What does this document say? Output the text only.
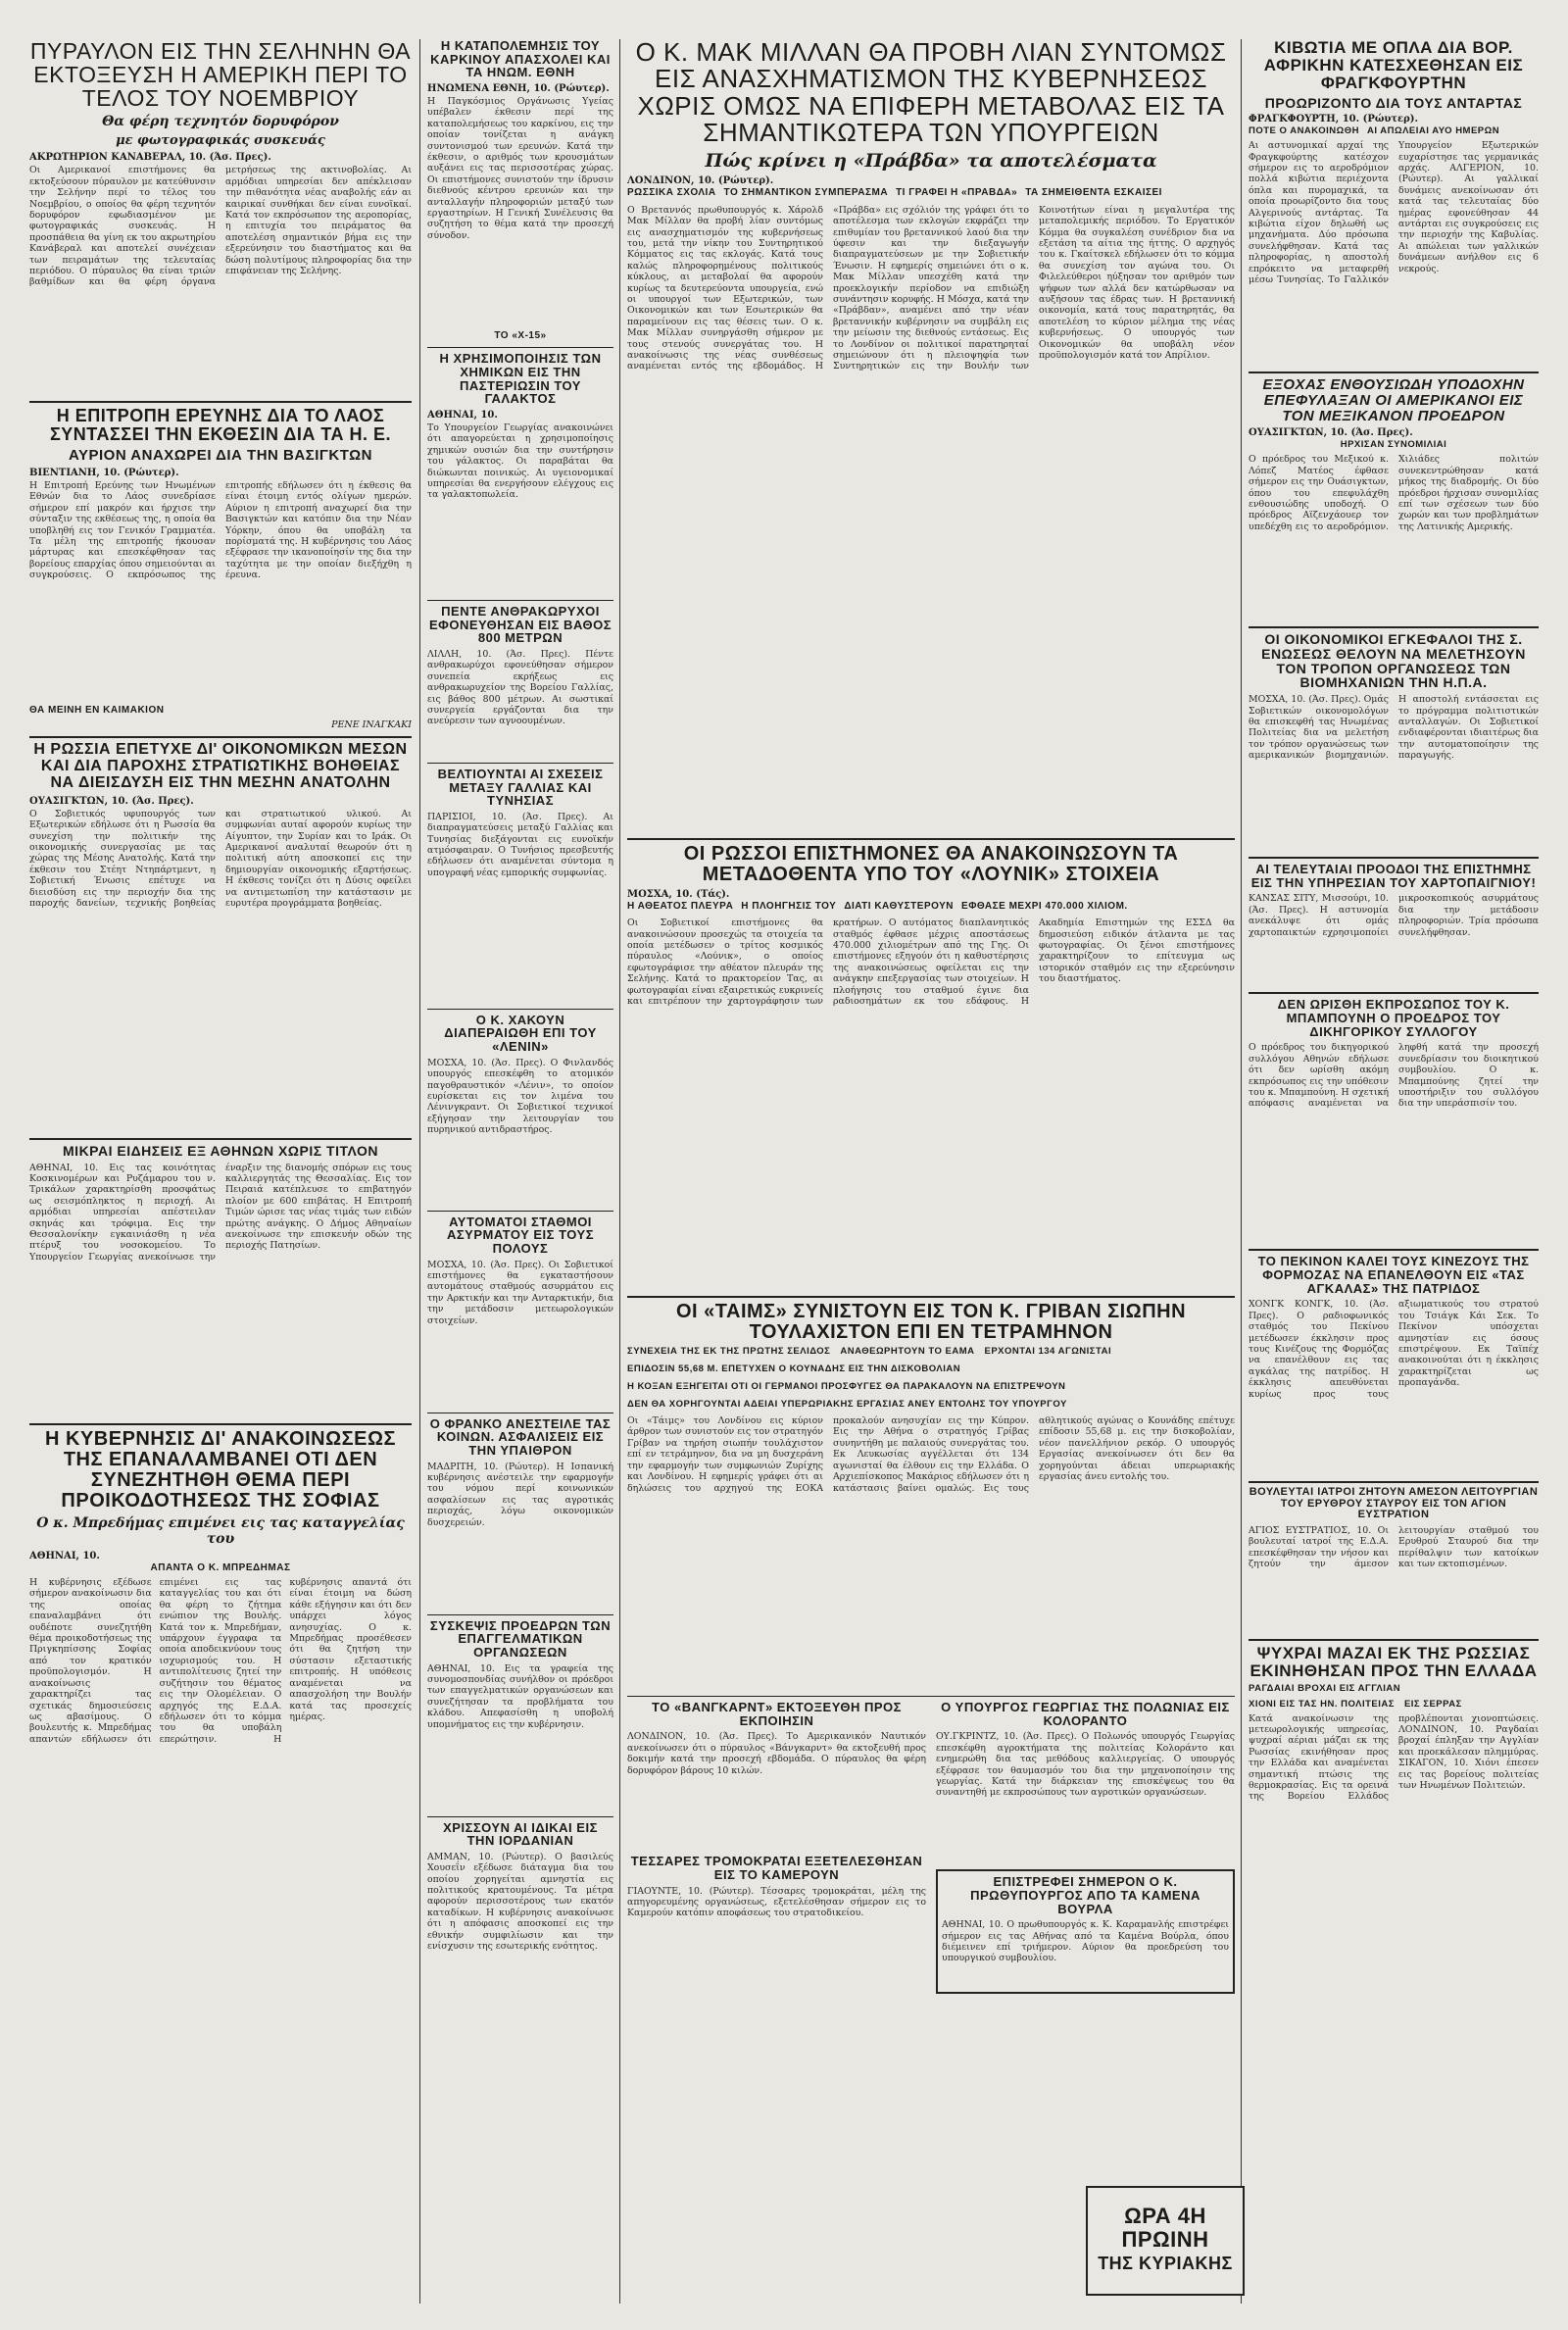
ΠΥΡΑΥΛΟΝ ΕΙΣ ΤΗΝ ΣΕΛΗΝΗΝ ΘΑ ΕΚΤΟΞΕΥΣΗ Η ΑΜΕΡΙΚΗ ΠΕΡΙ ΤΟ ΤΕΛΟΣ ΤΟΥ ΝΟΕΜΒΡΙΟΥ
Θα φέρη τεχνητόν δορυφόρον
με φωτογραφικάς συσκευάς
ΑΚΡΩΤΗΡΙΟΝ ΚΑΝΑΒΕΡΑΛ, 10. (Άσ. Πρες).
Οι Αμερικανοί επιστήμονες θα εκτοξεύσουν πύραυλον με κατεύθυνσιν την Σελήνην περί το τέλος του Νοεμβρίου, ο οποίος θα φέρη τεχνητόν δορυφόρον εφωδιασμένον με φωτογραφικάς συσκευάς. Η προσπάθεια θα γίνη εκ του ακρωτηρίου Κανάβεραλ και αποτελεί συνέχειαν των πειραμάτων της τελευταίας περιόδου. Ο πύραυλος θα είναι τριών βαθμίδων και θα φέρη όργανα μετρήσεως της ακτινοβολίας. Αι αρμόδιαι υπηρεσίαι δεν απέκλεισαν την πιθανότητα νέας αναβολής εάν αι καιρικαί συνθήκαι δεν είναι ευνοϊκαί. Κατά τον εκπρόσωπον της αεροπορίας, η επιτυχία του πειράματος θα αποτελέση σημαντικόν βήμα εις την εξερεύνησιν του διαστήματος και θα δώση πολυτίμους πληροφορίας δια την επιφάνειαν της Σελήνης.
Η ΕΠΙΤΡΟΠΗ ΕΡΕΥΝΗΣ ΔΙΑ ΤΟ ΛΑΟΣ ΣΥΝΤΑΣΣΕΙ ΤΗΝ ΕΚΘΕΣΙΝ ΔΙΑ ΤΑ Η. Ε.
ΑΥΡΙΟΝ ΑΝΑΧΩΡΕΙ ΔΙΑ ΤΗΝ ΒΑΣΙΓΚΤΩΝ
ΒΙΕΝΤΙΑΝΗ, 10. (Ρώυτερ).
Η Επιτροπή Ερεύνης των Ηνωμένων Εθνών δια το Λάος συνεδρίασε σήμερον επί μακρόν και ήρχισε την σύνταξιν της εκθέσεως της, η οποία θα υποβληθή εις τον Γενικόν Γραμματέα. Τα μέλη της επιτροπής ήκουσαν μάρτυρας και επεσκέφθησαν τας βορείους επαρχίας όπου σημειούνται αι συγκρούσεις. Ο εκπρόσωπος της επιτροπής εδήλωσεν ότι η έκθεσις θα είναι έτοιμη εντός ολίγων ημερών. Αύριον η επιτροπή αναχωρεί δια την Βασιγκτών και κατόπιν δια την Νέαν Υόρκην, όπου θα υποβάλη τα πορίσματά της. Η κυβέρνησις του Λάος εξέφρασε την ικανοποίησίν της δια την ταχύτητα με την οποίαν διεξήχθη η έρευνα.
ΘΑ ΜΕΙΝΗ ΕΝ ΚΑΙΜΑΚΙΟΝ
ΡΕΝΕ ΙΝΑΓΚΑΚΙ
Η ΡΩΣΣΙΑ ΕΠΕΤΥΧΕ ΔΙ' ΟΙΚΟΝΟΜΙΚΩΝ ΜΕΣΩΝ ΚΑΙ ΔΙΑ ΠΑΡΟΧΗΣ ΣΤΡΑΤΙΩΤΙΚΗΣ ΒΟΗΘΕΙΑΣ ΝΑ ΔΙΕΙΣΔΥΣΗ ΕΙΣ ΤΗΝ ΜΕΣΗΝ ΑΝΑΤΟΛΗΝ
ΟΥΑΣΙΓΚΤΩΝ, 10. (Άσ. Πρες).
Ο Σοβιετικός υφυπουργός των Εξωτερικών εδήλωσε ότι η Ρωσσία θα συνεχίση την πολιτικήν της οικονομικής συνεργασίας με τας χώρας της Μέσης Ανατολής. Κατά την έκθεσιν του Στέητ Ντηπάρτμεντ, η Σοβιετική Ένωσις επέτυχε να διεισδύση εις την περιοχήν δια της παροχής δανείων, τεχνικής βοηθείας και στρατιωτικού υλικού. Αι συμφωνίαι αυταί αφορούν κυρίως την Αίγυπτον, την Συρίαν και το Ιράκ. Οι Αμερικανοί αναλυταί θεωρούν ότι η πολιτική αύτη αποσκοπεί εις την δημιουργίαν οικονομικής εξαρτήσεως. Η έκθεσις τονίζει ότι η Δύσις οφείλει να αντιμετωπίση την κατάστασιν με ευρυτέρα προγράμματα βοηθείας.
ΜΙΚΡΑΙ ΕΙΔΗΣΕΙΣ ΕΞ ΑΘΗΝΩΝ ΧΩΡΙΣ ΤΙΤΛΟΝ
ΑΘΗΝΑΙ, 10. Εις τας κοινότητας Κοσκινομέρων και Ρυζάμαρου του ν. Τρικάλων χαρακτηρίσθη προσφάτως ως σεισμόπληκτος η περιοχή. Αι αρμόδιαι υπηρεσίαι απέστειλαν σκηνάς και τρόφιμα. Εις την Θεσσαλονίκην εγκαινιάσθη η νέα πτέρυξ του νοσοκομείου. Το Υπουργείον Γεωργίας ανεκοίνωσε την έναρξιν της διανομής σπόρων εις τους καλλιεργητάς της Θεσσαλίας. Εις τον Πειραιά κατέπλευσε το επιβατηγόν πλοίον με 600 επιβάτας. Η Επιτροπή Τιμών ώρισε τας νέας τιμάς των ειδών πρώτης ανάγκης. Ο Δήμος Αθηναίων ανεκοίνωσε την επισκευήν οδών της περιοχής Πατησίων.
Η ΚΥΒΕΡΝΗΣΙΣ ΔΙ' ΑΝΑΚΟΙΝΩΣΕΩΣ ΤΗΣ ΕΠΑΝΑΛΑΜΒΑΝΕΙ ΟΤΙ ΔΕΝ ΣΥΝΕΖΗΤΗΘΗ ΘΕΜΑ ΠΕΡΙ ΠΡΟΙΚΟΔΟΤΗΣΕΩΣ ΤΗΣ ΣΟΦΙΑΣ
Ο κ. Μπρεδήμας επιμένει εις τας καταγγελίας του
ΑΘΗΝΑΙ, 10.
ΑΠΑΝΤΑ Ο Κ. ΜΠΡΕΔΗΜΑΣ
Η κυβέρνησις εξέδωσε σήμερον ανακοίνωσιν δια της οποίας επαναλαμβάνει ότι ουδέποτε συνεζητήθη θέμα προικοδοτήσεως της Πριγκηπίσσης Σοφίας από τον κρατικόν προϋπολογισμόν. Η ανακοίνωσις χαρακτηρίζει τας σχετικάς δημοσιεύσεις ως αβασίμους. Ο βουλευτής κ. Μπρεδήμας απαντών εδήλωσεν ότι επιμένει εις τας καταγγελίας του και ότι θα φέρη το ζήτημα ενώπιον της Βουλής. Κατά τον κ. Μπρεδήμαν, υπάρχουν έγγραφα τα οποία αποδεικνύουν τους ισχυρισμούς του. Η αντιπολίτευσις ζητεί την συζήτησιν του θέματος εις την Ολομέλειαν. Ο αρχηγός της Ε.Δ.Α. εδήλωσεν ότι το κόμμα του θα υποβάλη επερώτησιν. Η κυβέρνησις απαντά ότι είναι έτοιμη να δώση κάθε εξήγησιν και ότι δεν υπάρχει λόγος ανησυχίας. Ο κ. Μπρεδήμας προσέθεσεν ότι θα ζητήση την σύστασιν εξεταστικής επιτροπής. Η υπόθεσις αναμένεται να απασχολήση την Βουλήν κατά τας προσεχείς ημέρας.
Η ΚΑΤΑΠΟΛΕΜΗΣΙΣ ΤΟΥ ΚΑΡΚΙΝΟΥ ΑΠΑΣΧΟΛΕΙ ΚΑΙ ΤΑ ΗΝΩΜ. ΕΘΝΗ
ΗΝΩΜΕΝΑ ΕΘΝΗ, 10. (Ρώυτερ).
Η Παγκόσμιος Οργάνωσις Υγείας υπέβαλεν έκθεσιν περί της καταπολεμήσεως του καρκίνου, εις την οποίαν τονίζεται η ανάγκη συντονισμού των ερευνών. Κατά την έκθεσιν, ο αριθμός των κρουσμάτων αυξάνει εις τας περισσοτέρας χώρας. Οι επιστήμονες συνιστούν την ίδρυσιν διεθνούς κέντρου ερευνών και την ανταλλαγήν πληροφοριών μεταξύ των εργαστηρίων. Η Γενική Συνέλευσις θα συζητήση το θέμα κατά την προσεχή σύνοδον.
ΤΟ «Χ-15»
Η ΧΡΗΣΙΜΟΠΟΙΗΣΙΣ ΤΩΝ ΧΗΜΙΚΩΝ ΕΙΣ ΤΗΝ ΠΑΣΤΕΡΙΩΣΙΝ ΤΟΥ ΓΑΛΑΚΤΟΣ
ΑΘΗΝΑΙ, 10.
Το Υπουργείον Γεωργίας ανακοινώνει ότι απαγορεύεται η χρησιμοποίησις χημικών ουσιών δια την συντήρησιν του γάλακτος. Οι παραβάται θα διώκωνται ποινικώς. Αι υγειονομικαί υπηρεσίαι θα ενεργήσουν ελέγχους εις τα γαλακτοπωλεία.
ΠΕΝΤΕ ΑΝΘΡΑΚΩΡΥΧΟΙ ΕΦΟΝΕΥΘΗΣΑΝ ΕΙΣ ΒΑΘΟΣ 800 ΜΕΤΡΩΝ
ΛΙΛΛΗ, 10. (Άσ. Πρες). Πέντε ανθρακωρύχοι εφονεύθησαν σήμερον συνεπεία εκρήξεως εις ανθρακωρυχείον της Βορείου Γαλλίας, εις βάθος 800 μέτρων. Αι σωστικαί συνεργεία εργάζονται δια την ανεύρεσιν των αγνοουμένων.
ΒΕΛΤΙΟΥΝΤΑΙ ΑΙ ΣΧΕΣΕΙΣ ΜΕΤΑΞΥ ΓΑΛΛΙΑΣ ΚΑΙ ΤΥΝΗΣΙΑΣ
ΠΑΡΙΣΙΟΙ, 10. (Άσ. Πρες). Αι διαπραγματεύσεις μεταξύ Γαλλίας και Τυνησίας διεξάγονται εις ευνοϊκήν ατμόσφαιραν. Ο Τυνήσιος πρεσβευτής εδήλωσεν ότι αναμένεται σύντομα η υπογραφή νέας εμπορικής συμφωνίας.
Ο Κ. ΧΑΚΟΥΝ ΔΙΑΠΕΡΑΙΩΘΗ ΕΠΙ ΤΟΥ «ΛΕΝΙΝ»
ΜΟΣΧΑ, 10. (Άσ. Πρες). Ο Φινλανδός υπουργός επεσκέφθη το ατομικόν παγοθραυστικόν «Λένιν», το οποίον ευρίσκεται εις τον λιμένα του Λένινγκραντ. Οι Σοβιετικοί τεχνικοί εξήγησαν την λειτουργίαν του πυρηνικού αντιδραστήρος.
ΑΥΤΟΜΑΤΟΙ ΣΤΑΘΜΟΙ ΑΣΥΡΜΑΤΟΥ ΕΙΣ ΤΟΥΣ ΠΟΛΟΥΣ
ΜΟΣΧΑ, 10. (Άσ. Πρες). Οι Σοβιετικοί επιστήμονες θα εγκαταστήσουν αυτομάτους σταθμούς ασυρμάτου εις την Αρκτικήν και την Ανταρκτικήν, δια την μετάδοσιν μετεωρολογικών στοιχείων.
Ο ΦΡΑΝΚΟ ΑΝΕΣΤΕΙΛΕ ΤΑΣ ΚΟΙΝΩΝ. ΑΣΦΑΛΙΣΕΙΣ ΕΙΣ ΤΗΝ ΥΠΑΙΘΡΟΝ
ΜΑΔΡΙΤΗ, 10. (Ρώυτερ). Η Ισπανική κυβέρνησις ανέστειλε την εφαρμογήν του νόμου περί κοινωνικών ασφαλίσεων εις τας αγροτικάς περιοχάς, λόγω οικονομικών δυσχερειών.
ΣΥΣΚΕΨΙΣ ΠΡΟΕΔΡΩΝ ΤΩΝ ΕΠΑΓΓΕΛΜΑΤΙΚΩΝ ΟΡΓΑΝΩΣΕΩΝ
ΑΘΗΝΑΙ, 10. Εις τα γραφεία της συνομοσπονδίας συνήλθον οι πρόεδροι των επαγγελματικών οργανώσεων και συνεζήτησαν τα προβλήματα του κλάδου. Απεφασίσθη η υποβολή υπομνήματος εις την κυβέρνησιν.
ΧΡΙΣΣΟΥΝ ΑΙ ΙΔΙΚΑΙ ΕΙΣ ΤΗΝ ΙΟΡΔΑΝΙΑΝ
ΑΜΜΑΝ, 10. (Ρώυτερ). Ο βασιλεύς Χουσεΐν εξέδωσε διάταγμα δια του οποίου χορηγείται αμνηστία εις πολιτικούς κρατουμένους. Τα μέτρα αφορούν περισσοτέρους των εκατόν καταδίκων. Η κυβέρνησις ανακοίνωσε ότι η απόφασις αποσκοπεί εις την εθνικήν συμφιλίωσιν και την ενίσχυσιν της εσωτερικής ενότητος.
Ο Κ. ΜΑΚ ΜΙΛΛΑΝ ΘΑ ΠΡΟΒΗ ΛΙΑΝ ΣΥΝΤΟΜΩΣ ΕΙΣ ΑΝΑΣΧΗΜΑΤΙΣΜΟΝ ΤΗΣ ΚΥΒΕΡΝΗΣΕΩΣ ΧΩΡΙΣ ΟΜΩΣ ΝΑ ΕΠΙΦΕΡΗ ΜΕΤΑΒΟΛΑΣ ΕΙΣ ΤΑ ΣΗΜΑΝΤΙΚΩΤΕΡΑ ΤΩΝ ΥΠΟΥΡΓΕΙΩΝ
Πώς κρίνει η «Πράβδα» τα αποτελέσματα
ΛΟΝΔΙΝΟΝ, 10. (Ρώυτερ).
ΡΩΣΣΙΚΑ ΣΧΟΛΙΑ ΤΟ ΣΗΜΑΝΤΙΚΟΝ ΣΥΜΠΕΡΑΣΜΑ ΤΙ ΓΡΑΦΕΙ Η «ΠΡΑΒΔΑ» ΤΑ ΣΗΜΕΙΘΕΝΤΑ ΕΣΚΑΙΣΕΙ
Ο Βρεταννός πρωθυπουργός κ. Χάρολδ Μακ Μίλλαν θα προβή λίαν συντόμως εις ανασχηματισμόν της κυβερνήσεως του, μετά την νίκην του Συντηρητικού Κόμματος εις τας εκλογάς. Κατά τους καλώς πληροφορημένους πολιτικούς κύκλους, αι μεταβολαί θα αφορούν κυρίως τα δευτερεύοντα υπουργεία, ενώ οι υπουργοί των Εξωτερικών, των Οικονομικών και των Εσωτερικών θα παραμείνουν εις τας θέσεις των. Ο κ. Μακ Μίλλαν συνηργάσθη σήμερον με τους στενούς συνεργάτας του. Η ανακοίνωσις της νέας συνθέσεως αναμένεται εντός της εβδομάδος. Η «Πράβδα» εις σχόλιόν της γράφει ότι το αποτέλεσμα των εκλογών εκφράζει την επιθυμίαν του βρεταννικού λαού δια την ύφεσιν και την διεξαγωγήν διαπραγματεύσεων με την Σοβιετικήν Ένωσιν. Η εφημερίς σημειώνει ότι ο κ. Μακ Μίλλαν υπεσχέθη κατά την προεκλογικήν περίοδον να επιδιώξη συνάντησιν κορυφής. Η Μόσχα, κατά την «Πράβδαν», αναμένει από την νέαν βρεταννικήν κυβέρνησιν να συμβάλη εις την μείωσιν της διεθνούς εντάσεως. Εις το Λονδίνον οι πολιτικοί παρατηρηταί σημειώνουν ότι η πλειοψηφία των Συντηρητικών εις την Βουλήν των Κοινοτήτων είναι η μεγαλυτέρα της μεταπολεμικής περιόδου. Το Εργατικόν Κόμμα θα συγκαλέση συνέδριον δια να εξετάση τα αίτια της ήττης. Ο αρχηγός του κ. Γκαίτσκελ εδήλωσεν ότι το κόμμα θα συνεχίση τον αγώνα του. Οι Φιλελεύθεροι ηύξησαν τον αριθμόν των ψήφων των αλλά δεν κατώρθωσαν να αυξήσουν τας έδρας των. Η βρεταννική οικονομία, κατά τους παρατηρητάς, θα αποτελέση το κύριον μέλημα της νέας κυβερνήσεως. Ο υπουργός των Οικονομικών θα υποβάλη νέον προϋπολογισμόν κατά τον Απρίλιον.
ΟΙ ΡΩΣΣΟΙ ΕΠΙΣΤΗΜΟΝΕΣ ΘΑ ΑΝΑΚΟΙΝΩΣΟΥΝ ΤΑ ΜΕΤΑΔΟΘΕΝΤΑ ΥΠΟ ΤΟΥ «ΛΟΥΝΙΚ» ΣΤΟΙΧΕΙΑ
ΜΟΣΧΑ, 10. (Τάς).
Η ΑΘΕΑΤΟΣ ΠΛΕΥΡΑ Η ΠΛΟΗΓΗΣΙΣ ΤΟΥ ΔΙΑΤΙ ΚΑΘΥΣΤΕΡΟΥΝ ΕΦΘΑΣΕ ΜΕΧΡΙ 470.000 ΧΙΛΙΟΜ.
Οι Σοβιετικοί επιστήμονες θα ανακοινώσουν προσεχώς τα στοιχεία τα οποία μετέδωσεν ο τρίτος κοσμικός πύραυλος «Λούνικ», ο οποίος εφωτογράφισε την αθέατον πλευράν της Σελήνης. Κατά το πρακτορείον Τας, αι φωτογραφίαι είναι εξαιρετικώς ευκρινείς και επιτρέπουν την χαρτογράφησιν των κρατήρων. Ο αυτόματος διαπλανητικός σταθμός έφθασε μέχρις αποστάσεως 470.000 χιλιομέτρων από της Γης. Οι επιστήμονες εξηγούν ότι η καθυστέρησις της ανακοινώσεως οφείλεται εις την ανάγκην επεξεργασίας των στοιχείων. Η πλοήγησις του σταθμού έγινε δια ραδιοσημάτων εκ του εδάφους. Η Ακαδημία Επιστημών της ΕΣΣΔ θα δημοσιεύση ειδικόν άτλαντα με τας φωτογραφίας. Οι ξένοι επιστήμονες χαρακτηρίζουν το επίτευγμα ως ιστορικόν σταθμόν εις την εξερεύνησιν του διαστήματος.
ΟΙ «ΤΑΙΜΣ» ΣΥΝΙΣΤΟΥΝ ΕΙΣ ΤΟΝ Κ. ΓΡΙΒΑΝ ΣΙΩΠΗΝ ΤΟΥΛΑΧΙΣΤΟΝ ΕΠΙ ΕΝ ΤΕΤΡΑΜΗΝΟΝ
ΣΥΝΕΧΕΙΑ ΤΗΣ ΕΚ ΤΗΣ ΠΡΩΤΗΣ ΣΕΛΙΔΟΣ ΑΝΑΘΕΩΡΗΤΟΥΝ ΤΟ ΕΑΜΑ ΕΡΧΟΝΤΑΙ 134 ΑΓΩΝΙΣΤΑΙ
ΕΠΙΔΟΣΙΝ 55,68 Μ. ΕΠΕΤΥΧΕΝ Ο ΚΟΥΝΑΔΗΣ ΕΙΣ ΤΗΝ ΔΙΣΚΟΒΟΛΙΑΝ
Η ΚΟΞΑΝ ΕΞΗΓΕΙΤΑΙ ΟΤΙ ΟΙ ΓΕΡΜΑΝΟΙ ΠΡΟΣΦΥΓΕΣ ΘΑ ΠΑΡΑΚΑΛΟΥΝ ΝΑ ΕΠΙΣΤΡΕΨΟΥΝ
ΔΕΝ ΘΑ ΧΟΡΗΓΟΥΝΤΑΙ ΑΔΕΙΑΙ ΥΠΕΡΩΡΙΑΚΗΣ ΕΡΓΑΣΙΑΣ ΑΝΕΥ ΕΝΤΟΛΗΣ ΤΟΥ ΥΠΟΥΡΓΟΥ
Οι «Τάιμς» του Λονδίνου εις κύριον άρθρον των συνιστούν εις τον στρατηγόν Γρίβαν να τηρήση σιωπήν τουλάχιστον επί εν τετράμηνον, δια να μη δυσχεράνη την εφαρμογήν των συμφωνιών Ζυρίχης και Λονδίνου. Η εφημερίς γράφει ότι αι δηλώσεις του αρχηγού της ΕΟΚΑ προκαλούν ανησυχίαν εις την Κύπρον. Εις την Αθήνα ο στρατηγός Γρίβας συνηντήθη με παλαιούς συνεργάτας του. Εκ Λευκωσίας αγγέλλεται ότι 134 αγωνισταί θα έλθουν εις την Ελλάδα. Ο Αρχιεπίσκοπος Μακάριος εδήλωσεν ότι η κατάστασις βαίνει ομαλώς. Εις τους αθλητικούς αγώνας ο Κουνάδης επέτυχε επίδοσιν 55,68 μ. εις την δισκοβολίαν, νέον πανελλήνιον ρεκόρ. Ο υπουργός Εργασίας ανεκοίνωσεν ότι δεν θα χορηγούνται άδειαι υπερωριακής εργασίας άνευ εντολής του.
ΤΟ «ΒΑΝΓΚΑΡΝΤ» ΕΚΤΟΞΕΥΘΗ ΠΡΟΣ ΕΚΠΟΙΗΣΙΝ
ΛΟΝΔΙΝΟΝ, 10. (Άσ. Πρες). Το Αμερικανικόν Ναυτικόν ανεκοίνωσεν ότι ο πύραυλος «Βάνγκαρντ» θα εκτοξευθή προς δοκιμήν κατά την προσεχή εβδομάδα. Ο πύραυλος θα φέρη δορυφόρον βάρους 10 κιλών.
ΤΕΣΣΑΡΕΣ ΤΡΟΜΟΚΡΑΤΑΙ ΕΞΕΤΕΛΕΣΘΗΣΑΝ ΕΙΣ ΤΟ ΚΑΜΕΡΟΥΝ
ΓΙΑΟΥΝΤΕ, 10. (Ρώυτερ). Τέσσαρες τρομοκράται, μέλη της απηγορευμένης οργανώσεως, εξετελέσθησαν σήμερον εις το Καμερούν κατόπιν αποφάσεως του στρατοδικείου.
Ο ΥΠΟΥΡΓΟΣ ΓΕΩΡΓΙΑΣ ΤΗΣ ΠΟΛΩΝΙΑΣ ΕΙΣ ΚΟΛΟΡΑΝΤΟ
ΟΥ.ΓΚΡΙΝΤΖ, 10. (Άσ. Πρες). Ο Πολωνός υπουργός Γεωργίας επεσκέφθη αγροκτήματα της πολιτείας Κολοράντο και ενημερώθη δια τας μεθόδους καλλιεργείας. Ο υπουργός εξέφρασε τον θαυμασμόν του δια την μηχανοποίησιν της γεωργίας. Κατά την διάρκειαν της επισκέψεως του θα συναντηθή με εκπροσώπους των αγροτικών οργανώσεων.
ΕΠΙΣΤΡΕΦΕΙ ΣΗΜΕΡΟΝ Ο Κ. ΠΡΩΘΥΠΟΥΡΓΟΣ ΑΠΟ ΤΑ ΚΑΜΕΝΑ ΒΟΥΡΛΑ
ΑΘΗΝΑΙ, 10. Ο πρωθυπουργός κ. Κ. Καραμανλής επιστρέφει σήμερον εις τας Αθήνας από τα Καμένα Βούρλα, όπου διέμεινεν επί τριήμερον. Αύριον θα προεδρεύση του υπουργικού συμβουλίου.
ΚΙΒΩΤΙΑ ΜΕ ΟΠΛΑ ΔΙΑ ΒΟΡ. ΑΦΡΙΚΗΝ ΚΑΤΕΣΧΕΘΗΣΑΝ ΕΙΣ ΦΡΑΓΚΦΟΥΡΤΗΝ
ΠΡΟΩΡΙΖΟΝΤΟ ΔΙΑ ΤΟΥΣ ΑΝΤΑΡΤΑΣ
ΦΡΑΓΚΦΟΥΡΤΗ, 10. (Ρώυτερ).
ΠΟΤΕ Ο ΑΝΑΚΟΙΝΩΘΗ ΑΙ ΑΠΩΛΕΙΑΙ ΑΥΟ ΗΜΕΡΩΝ
Αι αστυνομικαί αρχαί της Φραγκφούρτης κατέσχον σήμερον εις το αεροδρόμιον πολλά κιβώτια περιέχοντα όπλα και πυρομαχικά, τα οποία προωρίζοντο δια τους Αλγερινούς αντάρτας. Τα κιβώτια είχον δηλωθή ως μηχανήματα. Δύο πρόσωπα συνελήφθησαν. Κατά τας πληροφορίας, η αποστολή επρόκειτο να μεταφερθή μέσω Τυνησίας. Το Γαλλικόν Υπουργείον Εξωτερικών ευχαρίστησε τας γερμανικάς αρχάς. ΑΛΓΕΡΙΟΝ, 10. (Ρώυτερ). Αι γαλλικαί δυνάμεις ανεκοίνωσαν ότι κατά τας τελευταίας δύο ημέρας εφονεύθησαν 44 αντάρται εις συγκρούσεις εις την περιοχήν της Καβυλίας. Αι απώλειαι των γαλλικών δυνάμεων ανήλθον εις 6 νεκρούς.
ΕΞΟΧΑΣ ΕΝΘΟΥΣΙΩΔΗ ΥΠΟΔΟΧΗΝ ΕΠΕΦΥΛΑΞΑΝ ΟΙ ΑΜΕΡΙΚΑΝΟΙ ΕΙΣ ΤΟΝ ΜΕΞΙΚΑΝΟΝ ΠΡΟΕΔΡΟΝ
ΟΥΑΣΙΓΚΤΩΝ, 10. (Άσ. Πρες).
ΗΡΧΙΣΑΝ ΣΥΝΟΜΙΛΙΑΙ
Ο πρόεδρος του Μεξικού κ. Λόπεζ Ματέος έφθασε σήμερον εις την Ουάσιγκτων, όπου του επεφυλάχθη ενθουσιώδης υποδοχή. Ο πρόεδρος Αϊζενχάουερ τον υπεδέχθη εις το αεροδρόμιον. Χιλιάδες πολιτών συνεκεντρώθησαν κατά μήκος της διαδρομής. Οι δύο πρόεδροι ήρχισαν συνομιλίας επί των σχέσεων των δύο χωρών και των προβλημάτων της Λατινικής Αμερικής.
ΟΙ ΟΙΚΟΝΟΜΙΚΟΙ ΕΓΚΕΦΑΛΟΙ ΤΗΣ Σ. ΕΝΩΣΕΩΣ ΘΕΛΟΥΝ ΝΑ ΜΕΛΕΤΗΣΟΥΝ ΤΟΝ ΤΡΟΠΟΝ ΟΡΓΑΝΩΣΕΩΣ ΤΩΝ ΒΙΟΜΗΧΑΝΙΩΝ ΤΗΝ Η.Π.Α.
ΜΟΣΧΑ, 10. (Άσ. Πρες). Ομάς Σοβιετικών οικονομολόγων θα επισκεφθή τας Ηνωμένας Πολιτείας δια να μελετήση τον τρόπον οργανώσεως των αμερικανικών βιομηχανιών. Η αποστολή εντάσσεται εις το πρόγραμμα πολιτιστικών ανταλλαγών. Οι Σοβιετικοί ενδιαφέρονται ιδιαιτέρως δια την αυτοματοποίησιν της παραγωγής.
ΑΙ ΤΕΛΕΥΤΑΙΑΙ ΠΡΟΟΔΟΙ ΤΗΣ ΕΠΙΣΤΗΜΗΣ ΕΙΣ ΤΗΝ ΥΠΗΡΕΣΙΑΝ ΤΟΥ ΧΑΡΤΟΠΑΙΓΝΙΟΥ!
ΚΑΝΣΑΣ ΣΙΤΥ, Μισσούρι, 10. (Άσ. Πρες). Η αστυνομία ανεκάλυψε ότι ομάς χαρτοπαικτών εχρησιμοποίει μικροσκοπικούς ασυρμάτους δια την μετάδοσιν πληροφοριών. Τρία πρόσωπα συνελήφθησαν.
ΔΕΝ ΩΡΙΣΘΗ ΕΚΠΡΟΣΩΠΟΣ ΤΟΥ Κ. ΜΠΑΜΠΟΥΝΗ Ο ΠΡΟΕΔΡΟΣ ΤΟΥ ΔΙΚΗΓΟΡΙΚΟΥ ΣΥΛΛΟΓΟΥ
Ο πρόεδρος του δικηγορικού συλλόγου Αθηνών εδήλωσε ότι δεν ωρίσθη ακόμη εκπρόσωπος εις την υπόθεσιν του κ. Μπαμπούνη. Η σχετική απόφασις αναμένεται να ληφθή κατά την προσεχή συνεδρίασιν του διοικητικού συμβουλίου. Ο κ. Μπαμπούνης ζητεί την υποστήριξιν του συλλόγου δια την υπεράσπισίν του.
ΤΟ ΠΕΚΙΝΟΝ ΚΑΛΕΙ ΤΟΥΣ ΚΙΝΕΖΟΥΣ ΤΗΣ ΦΟΡΜΟΖΑΣ ΝΑ ΕΠΑΝΕΛΘΟΥΝ ΕΙΣ «ΤΑΣ ΑΓΚΑΛΑΣ» ΤΗΣ ΠΑΤΡΙΔΟΣ
ΧΟΝΓΚ ΚΟΝΓΚ, 10. (Άσ. Πρες). Ο ραδιοφωνικός σταθμός του Πεκίνου μετέδωσεν έκκλησιν προς τους Κινέζους της Φορμόζας να επανέλθουν εις τας αγκάλας της πατρίδος. Η έκκλησις απευθύνεται κυρίως προς τους αξιωματικούς του στρατού του Τσιάγκ Κάι Σεκ. Το Πεκίνον υπόσχεται αμνηστίαν εις όσους επιστρέψουν. Εκ Ταϊπέχ ανακοινούται ότι η έκκλησις χαρακτηρίζεται ως προπαγάνδα.
ΒΟΥΛΕΥΤΑΙ ΙΑΤΡΟΙ ΖΗΤΟΥΝ ΑΜΕΣΟΝ ΛΕΙΤΟΥΡΓΙΑΝ ΤΟΥ ΕΡΥΘΡΟΥ ΣΤΑΥΡΟΥ ΕΙΣ ΤΟΝ ΑΓΙΟΝ ΕΥΣΤΡΑΤΙΟΝ
ΑΓΙΟΣ ΕΥΣΤΡΑΤΙΟΣ, 10. Οι βουλευταί ιατροί της Ε.Δ.Α. επεσκέφθησαν την νήσον και ζητούν την άμεσον λειτουργίαν σταθμού του Ερυθρού Σταυρού δια την περίθαλψιν των κατοίκων και των εκτοπισμένων.
ΨΥΧΡΑΙ ΜΑΖΑΙ ΕΚ ΤΗΣ ΡΩΣΣΙΑΣ ΕΚΙΝΗΘΗΣΑΝ ΠΡΟΣ ΤΗΝ ΕΛΛΑΔΑ
ΡΑΓΔΑΙΑΙ ΒΡΟΧΑΙ ΕΙΣ ΑΓΓΛΙΑΝ
ΧΙΟΝΙ ΕΙΣ ΤΑΣ ΗΝ. ΠΟΛΙΤΕΙΑΣ ΕΙΣ ΣΕΡΡΑΣ
Κατά ανακοίνωσιν της μετεωρολογικής υπηρεσίας, ψυχραί αέριαι μάζαι εκ της Ρωσσίας εκινήθησαν προς την Ελλάδα και αναμένεται σημαντική πτώσις της θερμοκρασίας. Εις τα ορεινά της Βορείου Ελλάδος προβλέπονται χιονοπτώσεις. ΛΟΝΔΙΝΟΝ, 10. Ραγδαίαι βροχαί έπληξαν την Αγγλίαν και προεκάλεσαν πλημμύρας. ΣΙΚΑΓΟΝ, 10. Χιόνι έπεσεν εις τας βορείους πολιτείας των Ηνωμένων Πολιτειών.
ΩΡΑ 4Η ΠΡΩΙΝΗ
ΤΗΣ ΚΥΡΙΑΚΗΣ
